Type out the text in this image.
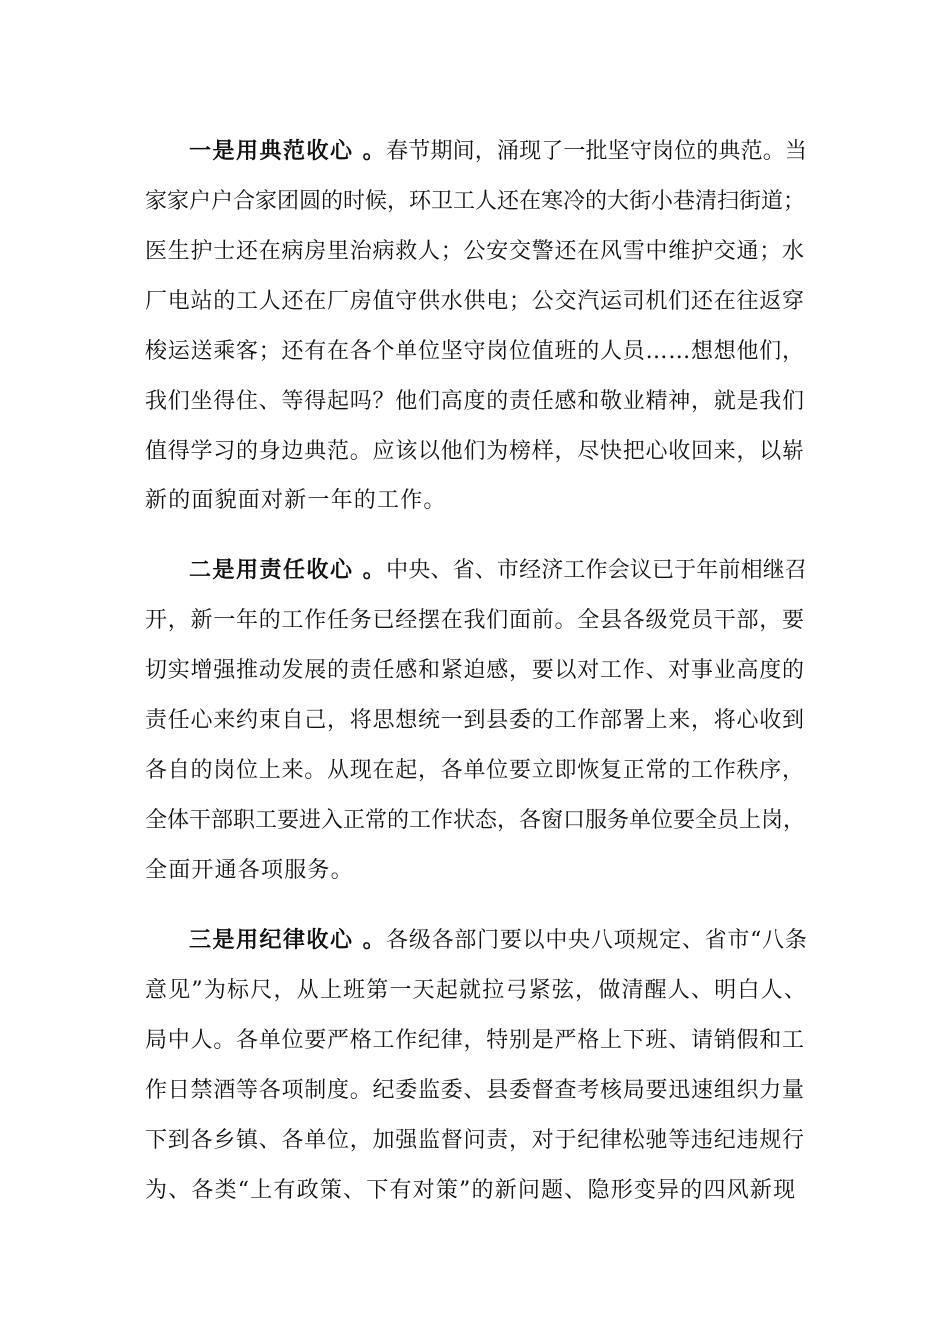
一是用典范收心 。春节期间，涌现了一批坚守岗位的典范。当
家家户户合家团圆的时候，环卫工人还在寒冷的大街小巷清扫街道；
医生护士还在病房里治病救人；公安交警还在风雪中维护交通；水
厂电站的工人还在厂房值守供水供电；公交汽运司机们还在往返穿
梭运送乘客；还有在各个单位坚守岗位值班的人员……想想他们，
我们坐得住、等得起吗？他们高度的责任感和敬业精神，就是我们
值得学习的身边典范。应该以他们为榜样，尽快把心收回来，以崭
新的面貌面对新一年的工作。
二是用责任收心 。中央、省、市经济工作会议已于年前相继召
开，新一年的工作任务已经摆在我们面前。全县各级党员干部，要
切实增强推动发展的责任感和紧迫感，要以对工作、对事业高度的
责任心来约束自己，将思想统一到县委的工作部署上来，将心收到
各自的岗位上来。从现在起，各单位要立即恢复正常的工作秩序，
全体干部职工要进入正常的工作状态，各窗口服务单位要全员上岗，
全面开通各项服务。
三是用纪律收心 。各级各部门要以中央八项规定、省市“八条
意见”为标尺，从上班第一天起就拉弓紧弦，做清醒人、明白人、
局中人。各单位要严格工作纪律，特别是严格上下班、请销假和工
作日禁酒等各项制度。纪委监委、县委督查考核局要迅速组织力量
下到各乡镇、各单位，加强监督问责，对于纪律松驰等违纪违规行
为、各类“上有政策、下有对策”的新问题、隐形变异的四风新现
